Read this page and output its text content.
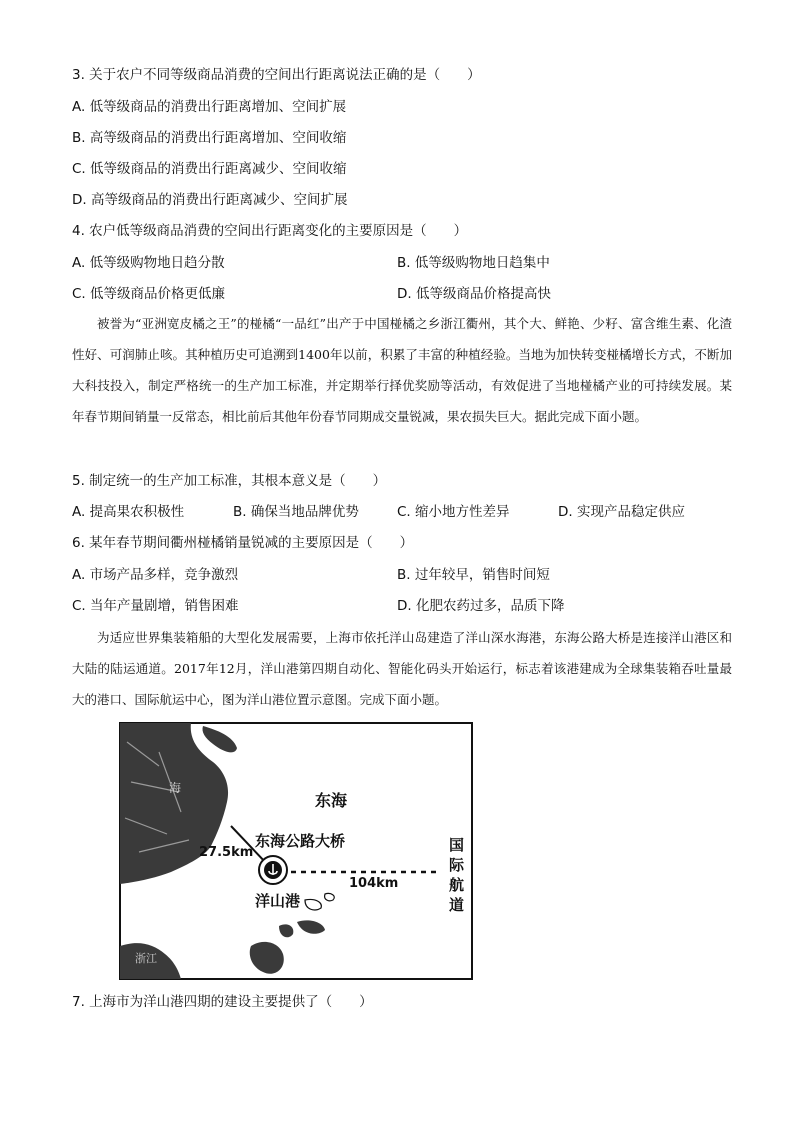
3. 关于农户不同等级商品消费的空间出行距离说法正确的是（　　）
A. 低等级商品的消费出行距离增加、空间扩展
B. 高等级商品的消费出行距离增加、空间收缩
C. 低等级商品的消费出行距离减少、空间收缩
D. 高等级商品的消费出行距离减少、空间扩展
4. 农户低等级商品消费的空间出行距离变化的主要原因是（　　）
A. 低等级购物地日趋分散	B. 低等级购物地日趋集中
C. 低等级商品价格更低廉	D. 低等级商品价格提高快
被誉为“亚洲宽皮橘之王”的椪橘“一品红”出产于中国椪橘之乡浙江衢州，其个大、鲜艳、少籽、富含维生素、化渣性好、可润肺止咳。其种植历史可追溯到1400年以前，积累了丰富的种植经验。当地为加快转变椪橘增长方式，不断加大科技投入，制定严格统一的生产加工标准，并定期举行择优奖励等活动，有效促进了当地椪橘产业的可持续发展。某年春节期间销量一反常态，相比前后其他年份春节同期成交量锐减，果农损失巨大。据此完成下面小题。
5. 制定统一的生产加工标准，其根本意义是（　　）
A. 提高果农积极性	B. 确保当地品牌优势	C. 缩小地方性差异	D. 实现产品稳定供应
6. 某年春节期间衢州椪橘销量锐减的主要原因是（　　）
A. 市场产品多样，竞争激烈	B. 过年较早，销售时间短
C. 当年产量剧增，销售困难	D. 化肥农药过多，品质下降
为适应世界集装箱船的大型化发展需要，上海市依托洋山岛建造了洋山深水海港，东海公路大桥是连接洋山港区和大陆的陆运通道。2017年12月，洋山港第四期自动化、智能化码头开始运行，标志着该港建成为全球集装箱吞吐量最大的港口、国际航运中心，图为洋山港位置示意图。完成下面小题。
东海
东海公路大桥
27.5km
洋山港
104km
国
际
航
道
海
浙江
7. 上海市为洋山港四期的建设主要提供了（　　）
